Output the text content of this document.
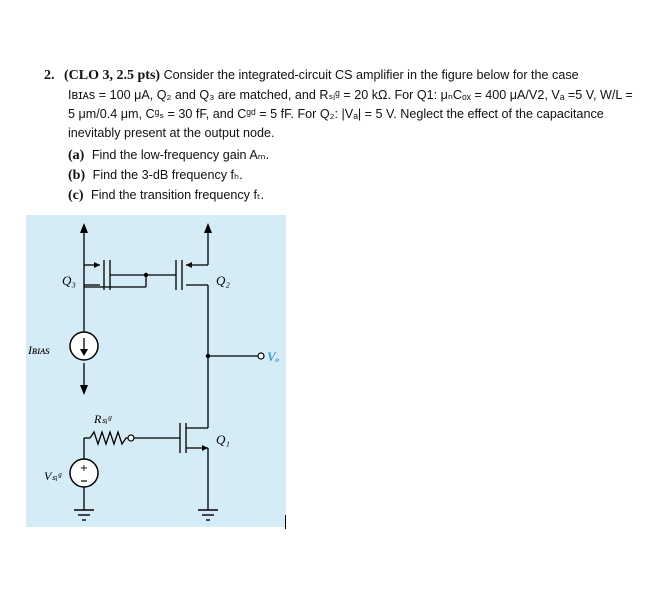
2. (CLO 3, 2.5 pts) Consider the integrated-circuit CS amplifier in the figure below for the case
Iʙɪᴀs = 100 μA, Q₂ and Q₃ are matched, and Rₛᵢᵍ = 20 kΩ. For Q1: μₙCₒₓ = 400 μA/V2, Vₐ =5 V, W/L =
5 μm/0.4 μm, Cᵍₛ = 30 fF, and Cᵍᵈ = 5 fF. For Q₂: |Vₐ| = 5 V. Neglect the effect of the capacitance
inevitably present at the output node.
(a) Find the low-frequency gain Aₘ.
(b) Find the 3-dB frequency fₕ.
(c) Find the transition frequency fₜ.
+
Q₃	Q₂
Q₁
Iʙɪᴀs
Rₛᵢᵍ
Vₛᵢᵍ
Vₒ
